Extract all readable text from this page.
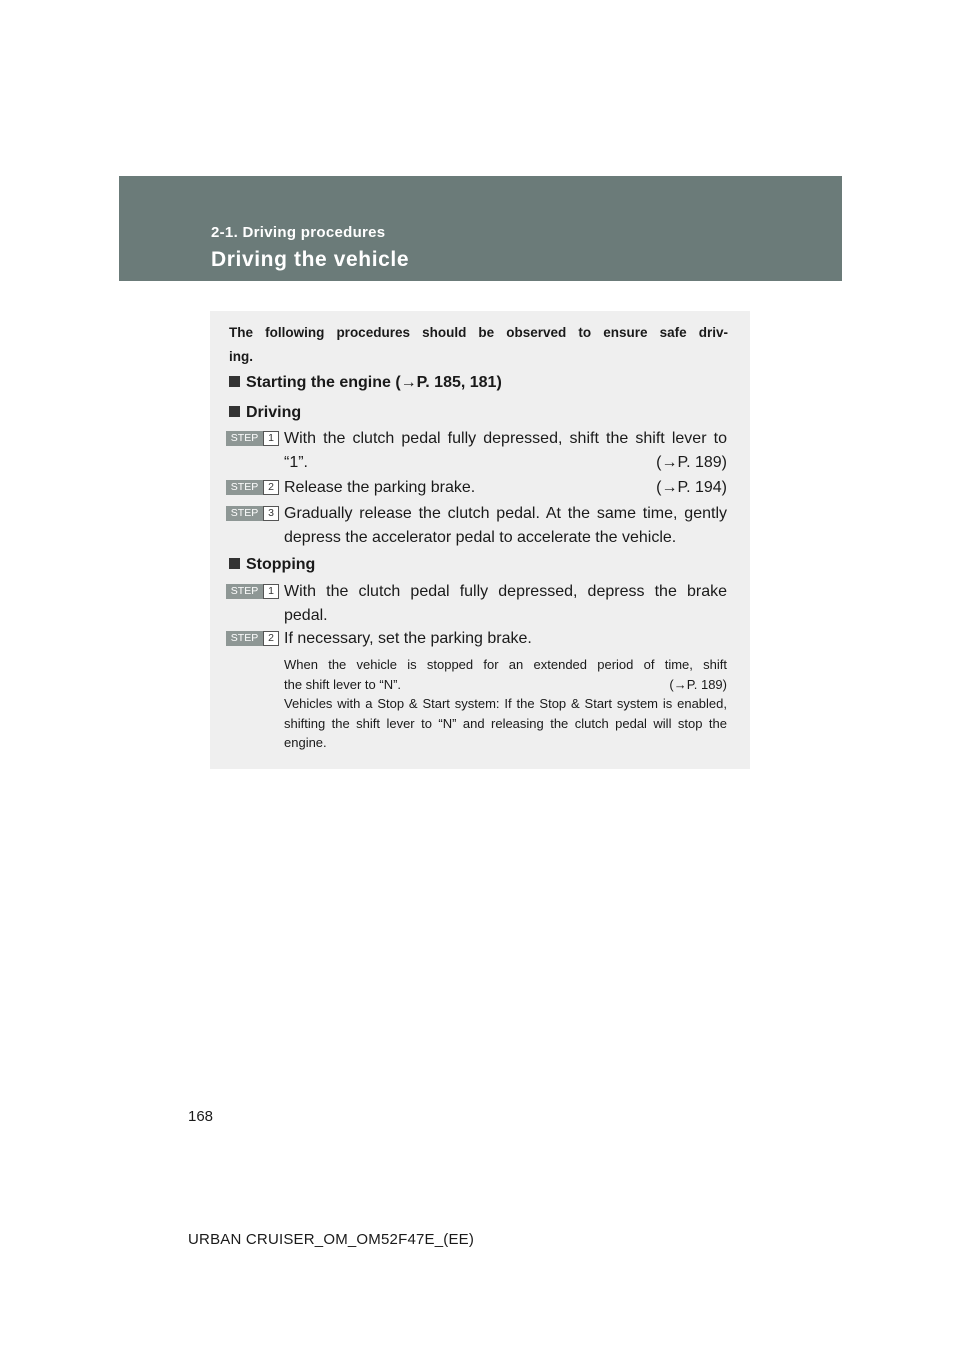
2-1. Driving procedures
Driving the vehicle
The following procedures should be observed to ensure safe driv-
ing.
Starting the engine (→P. 185, 181)
Driving
STEP 1 With the clutch pedal fully depressed, shift the shift lever to
“1”.	(→P. 189)
STEP 2 Release the parking brake.	(→P. 194)
STEP 3 Gradually release the clutch pedal. At the same time, gently
depress the accelerator pedal to accelerate the vehicle.
Stopping
STEP 1 With the clutch pedal fully depressed, depress the brake
pedal.
STEP 2 If necessary, set the parking brake.
When the vehicle is stopped for an extended period of time, shift
the shift lever to “N”.	(→P. 189)
Vehicles with a Stop & Start system: If the Stop & Start system is enabled, shifting the shift lever to “N” and releasing the clutch pedal will stop the engine.
168
URBAN CRUISER_OM_OM52F47E_(EE)
